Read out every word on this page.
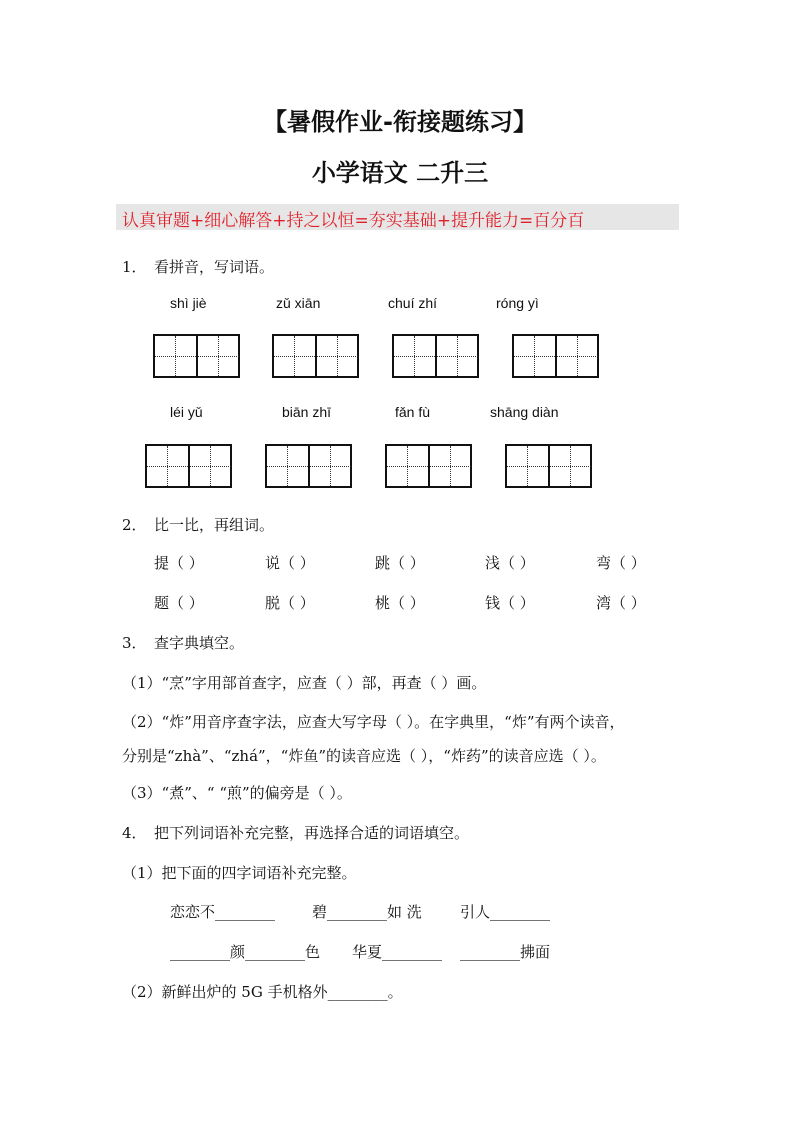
【暑假作业-衔接题练习】
小学语文 二升三
认真审题+细心解答+持之以恒=夯实基础+提升能力=百分百
1． 看拼音，写词语。
shì jiè	zǔ xiān	chuí zhí	róng yì
léi yǔ	biān zhī	fǎn fù	shāng diàn
2． 比一比，再组词。
提（ ）	说（ ）	跳（ ）	浅（ ）	弯（ ）
题（ ）	脱（ ）	桃（ ）	钱（ ）	湾（ ）
3． 查字典填空。
（1）“烹”字用部首查字，应查（ ）部，再查（ ）画。
（2）“炸”用音序查字法，应查大写字母（ ）。在字典里，“炸”有两个读音，
分别是“zhà”、“zhá”，“炸鱼”的读音应选（ ），“炸药”的读音应选（ ）。
（3）“煮”、“ “煎”的偏旁是（ ）。
4． 把下列词语补充完整，再选择合适的词语填空。
（1）把下面的四字词语补充完整。
恋恋不________ 碧________如 洗	引人________
________颜________色 华夏________ ________拂面
（2）新鲜出炉的 5G 手机格外________。
